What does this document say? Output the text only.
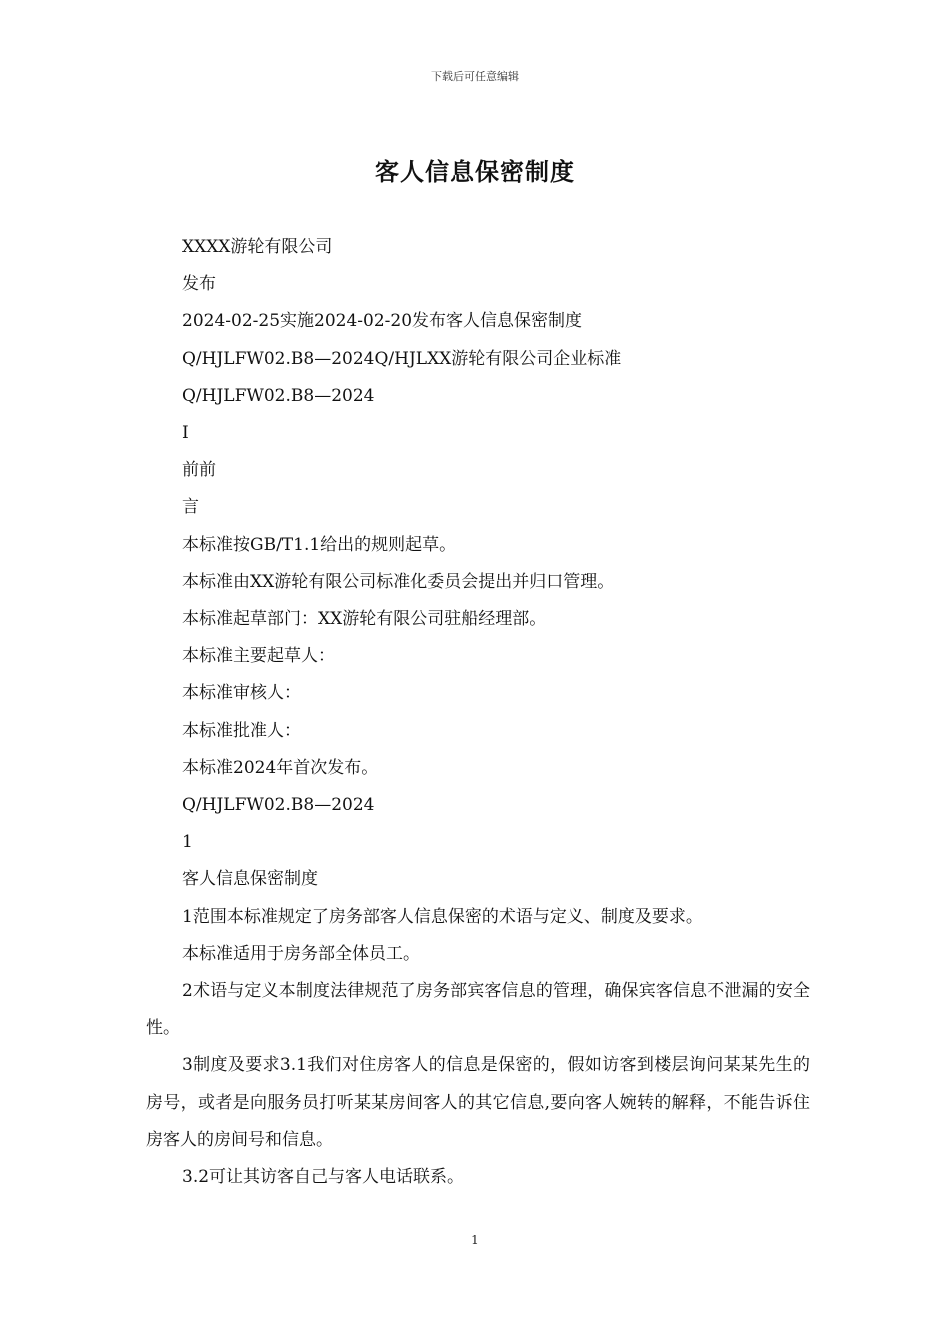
下载后可任意编辑
客人信息保密制度

XXXX游轮有限公司

发布

2024-02-25实施2024-02-20发布客人信息保密制度

Q/HJLFW02.B8—2024Q/HJLXX游轮有限公司企业标准

Q/HJLFW02.B8—2024

I

前前

言

本标准按GB/T1.1给出的规则起草。

本标准由XX游轮有限公司标准化委员会提出并归口管理。

本标准起草部门：XX游轮有限公司驻船经理部。

本标准主要起草人：

本标准审核人：

本标准批准人：

本标准2024年首次发布。

Q/HJLFW02.B8—2024

1

客人信息保密制度

1范围本标准规定了房务部客人信息保密的术语与定义、制度及要求。

本标准适用于房务部全体员工。

2术语与定义本制度法律规范了房务部宾客信息的管理，确保宾客信息不泄漏的安全性。

3制度及要求3.1我们对住房客人的信息是保密的，假如访客到楼层询问某某先生的房号，或者是向服务员打听某某房间客人的其它信息,要向客人婉转的解释，不能告诉住房客人的房间号和信息。

3.2可让其访客自己与客人电话联系。

1
